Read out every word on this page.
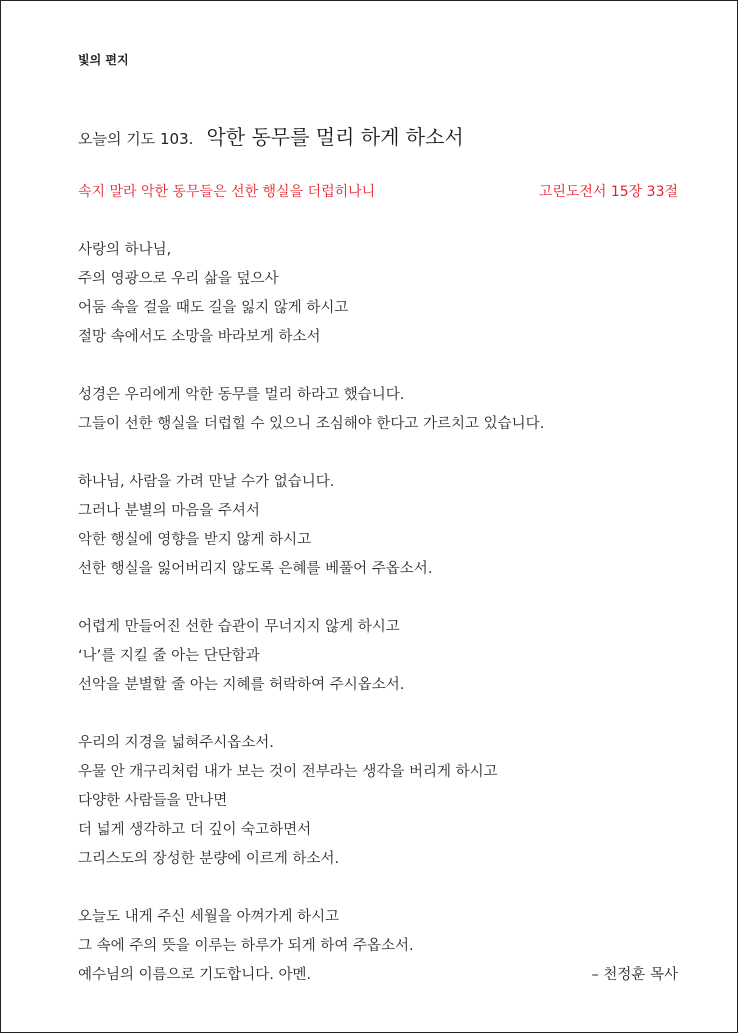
빛의 편지
오늘의 기도 103. 악한 동무를 멀리 하게 하소서
속지 말라 악한 동무들은 선한 행실을 더럽히나니	고린도전서 15장 33절
사랑의 하나님,
주의 영광으로 우리 삶을 덮으사
어둠 속을 걸을 때도 길을 잃지 않게 하시고
절망 속에서도 소망을 바라보게 하소서
성경은 우리에게 악한 동무를 멀리 하라고 했습니다.
그들이 선한 행실을 더럽힐 수 있으니 조심해야 한다고 가르치고 있습니다.
하나님, 사람을 가려 만날 수가 없습니다.
그러나 분별의 마음을 주셔서
악한 행실에 영향을 받지 않게 하시고
선한 행실을 잃어버리지 않도록 은혜를 베풀어 주옵소서.
어렵게 만들어진 선한 습관이 무너지지 않게 하시고
‘나’를 지킬 줄 아는 단단함과
선악을 분별할 줄 아는 지혜를 허락하여 주시옵소서.
우리의 지경을 넓혀주시옵소서.
우물 안 개구리처럼 내가 보는 것이 전부라는 생각을 버리게 하시고
다양한 사람들을 만나면
더 넓게 생각하고 더 깊이 숙고하면서
그리스도의 장성한 분량에 이르게 하소서.
오늘도 내게 주신 세월을 아껴가게 하시고
그 속에 주의 뜻을 이루는 하루가 되게 하여 주옵소서.
예수님의 이름으로 기도합니다. 아멘.	– 천정훈 목사
